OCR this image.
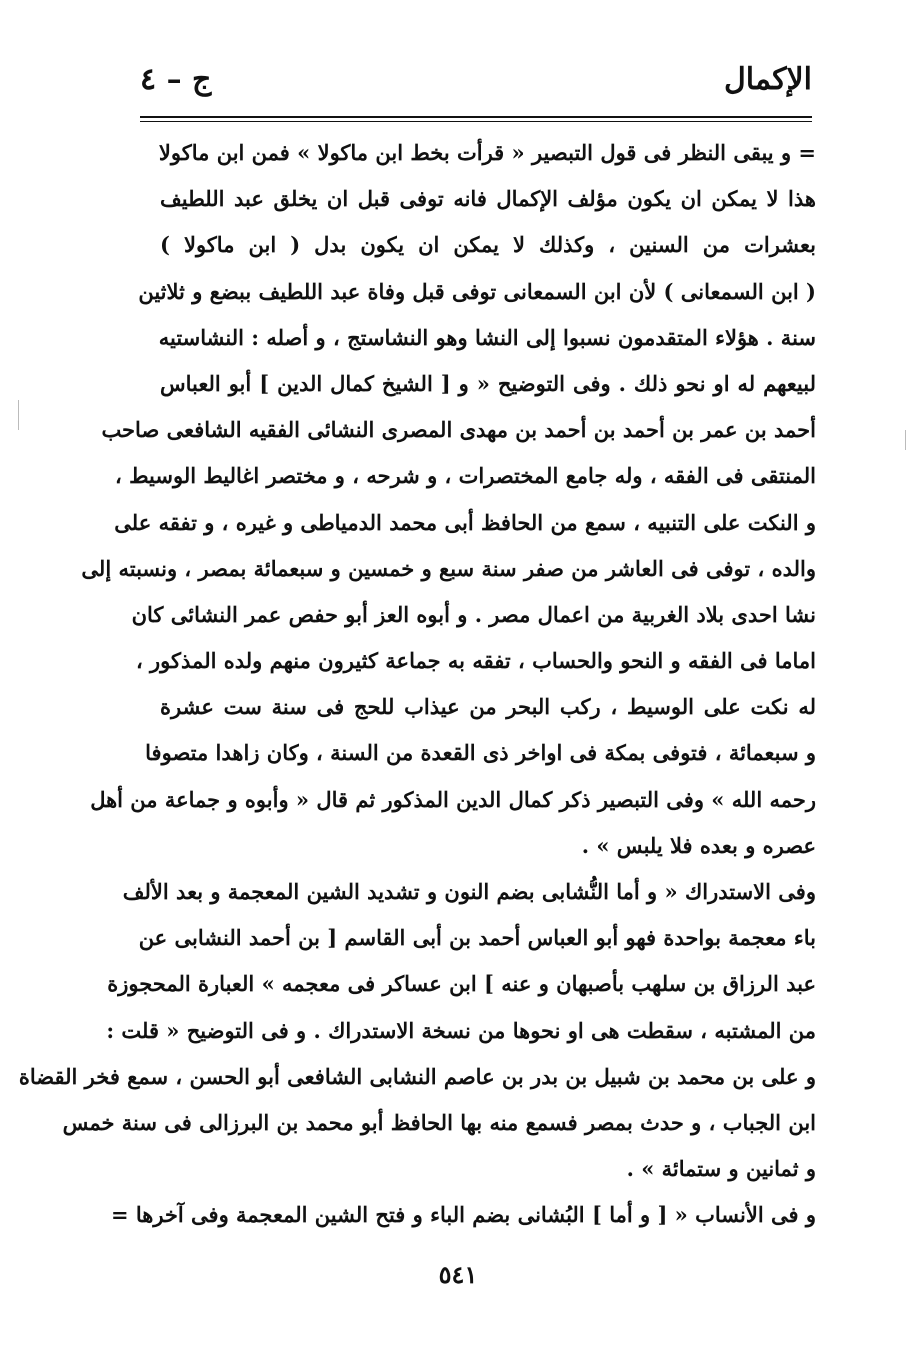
الإكمال
ج – ٤
= و يبقى النظر فى قول التبصير « قرأت بخط ابن ماكولا » فمن ابن ماكولا
هذا لا يمكن ان يكون مؤلف الإكمال فانه توفى قبل ان يخلق عبد اللطيف
بعشرات من السنين ، وكذلك لا يمكن ان يكون بدل ( ابن ماكولا )
( ابن السمعانى ) لأن ابن السمعانى توفى قبل وفاة عبد اللطيف ببضع و ثلاثين
سنة . هؤلاء المتقدمون نسبوا إلى النشا وهو النشاستج ، و أصله : النشاستيه
لبيعهم له او نحو ذلك . وفى التوضيح « و [ الشيخ كمال الدين ] أبو العباس
أحمد بن عمر بن أحمد بن أحمد بن مهدى المصرى النشائى الفقيه الشافعى صاحب
المنتقى فى الفقه ، وله جامع المختصرات ، و شرحه ، و مختصر اغاليط الوسيط ،
و النكت على التنبيه ، سمع من الحافظ أبى محمد الدمياطى و غيره ، و تفقه على
والده ، توفى فى العاشر من صفر سنة سبع و خمسين و سبعمائة بمصر ، ونسبته إلى
نشا احدى بلاد الغربية من اعمال مصر . و أبوه العز أبو حفص عمر النشائى كان
اماما فى الفقه و النحو والحساب ، تفقه به جماعة كثيرون منهم ولده المذكور ،
له نكت على الوسيط ، ركب البحر من عيذاب للحج فى سنة ست عشرة
و سبعمائة ، فتوفى بمكة فى اواخر ذى القعدة من السنة ، وكان زاهدا متصوفا
رحمه الله » وفى التبصير ذكر كمال الدين المذكور ثم قال « وأبوه و جماعة من أهل
عصره و بعده فلا يلبس » .
وفى الاستدراك « و أما النُّشابى بضم النون و تشديد الشين المعجمة و بعد الألف
باء معجمة بواحدة فهو أبو العباس أحمد بن أبى القاسم [ بن أحمد النشابى عن
عبد الرزاق بن سلهب بأصبهان و عنه ] ابن عساكر فى معجمه » العبارة المحجوزة
من المشتبه ، سقطت هى او نحوها من نسخة الاستدراك . و فى التوضيح « قلت :
و على بن محمد بن شبيل بن بدر بن عاصم النشابى الشافعى أبو الحسن ، سمع فخر القضاة
ابن الجباب ، و حدث بمصر فسمع منه بها الحافظ أبو محمد بن البرزالى فى سنة خمس
و ثمانين و ستمائة » .
و فى الأنساب « [ و أما ] البُشانى بضم الباء و فتح الشين المعجمة وفى آخرها =
٥٤١
